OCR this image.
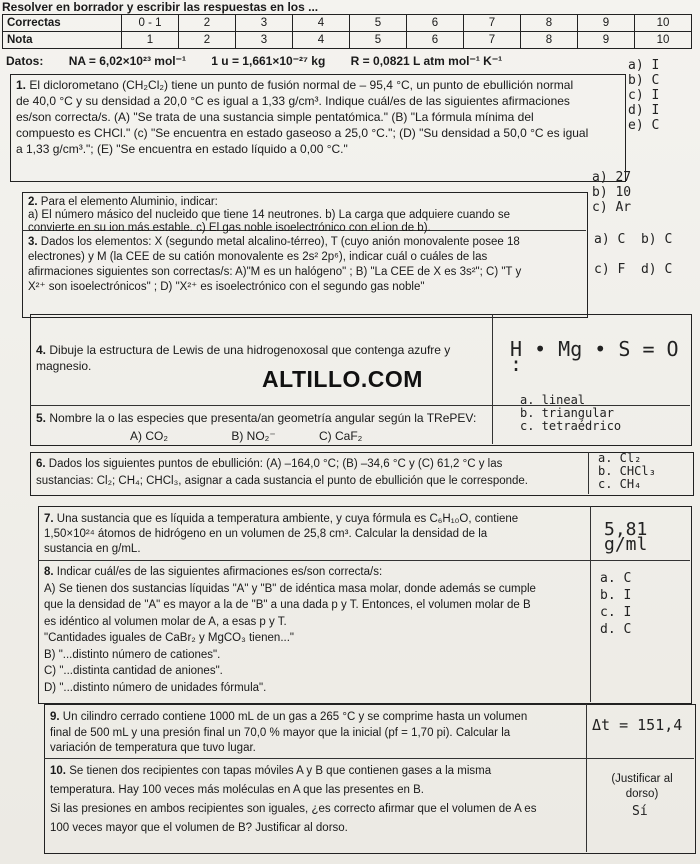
Resolver en borrador y escribir las respuestas en los ...
Correctas	0 - 1	2	3	4	5	6	7	8	9	10
Nota	1	2	3	4	5	6	7	8	9	10
Datos: NA = 6,02×10²³ mol⁻¹ 1 u = 1,661×10⁻²⁷ kg R = 0,0821 L atm mol⁻¹ K⁻¹
1. El diclorometano (CH₂Cl₂) tiene un punto de fusión normal de – 95,4 °C, un punto de ebullición normal
de 40,0 °C y su densidad a 20,0 °C es igual a 1,33 g/cm³. Indique cuál/es de las siguientes afirmaciones
es/son correcta/s. (A) "Se trata de una sustancia simple pentatómica." (B) "La fórmula mínima del
compuesto es CHCl." (c) "Se encuentra en estado gaseoso a 25,0 °C."; (D) "Su densidad a 50,0 °C es igual
a 1,33 g/cm³."; (E) "Se encuentra en estado líquido a 0,00 °C."
a) I
b) C
c) I
d) I
e) C
2. Para el elemento Aluminio, indicar:
a) El número másico del nucleido que tiene 14 neutrones. b) La carga que adquiere cuando se
convierte en su ion más estable. c) El gas noble isoelectrónico con el ion de b).
a) 27
b) 10
c) Ar
3. Dados los elementos: X (segundo metal alcalino-térreo), T (cuyo anión monovalente posee 18
electrones) y M (la CEE de su catión monovalente es 2s² 2p⁶), indicar cuál o cuáles de las
afirmaciones siguientes son correctas/s: A)"M es un halógeno" ; B) "La CEE de X es 3s²"; C) "T y
X²⁺ son isoelectrónicos" ; D) "X²⁺ es isoelectrónico con el segundo gas noble"
a) C b) C

c) F d) C
4. Dibuje la estructura de Lewis de una hidrogenoxosal que contenga azufre y
magnesio.
H • Mg • S = O :
ALTILLO.COM
5. Nombre la o las especies que presenta/an geometría angular según la TRePEV:
A) CO₂	B) NO₂⁻	C) CaF₂
a. lineal
b. triangular
c. tetraédrico
6. Dados los siguientes puntos de ebullición: (A) –164,0 °C; (B) –34,6 °C y (C) 61,2 °C y las
sustancias: Cl₂; CH₄; CHCl₃, asignar a cada sustancia el punto de ebullición que le corresponde.
a. Cl₂
b. CHCl₃
c. CH₄
7. Una sustancia que es líquida a temperatura ambiente, y cuya fórmula es C₆H₁₀O, contiene
1,50×10²⁴ átomos de hidrógeno en un volumen de 25,8 cm³. Calcular la densidad de la
sustancia en g/mL.
5,81 g/ml
8. Indicar cuál/es de las siguientes afirmaciones es/son correcta/s:
A) Se tienen dos sustancias líquidas "A" y "B" de idéntica masa molar, donde además se cumple
que la densidad de "A" es mayor a la de "B" a una dada p y T. Entonces, el volumen molar de B
es idéntico al volumen molar de A, a esas p y T.
"Cantidades iguales de CaBr₂ y MgCO₃ tienen..."
B) "...distinto número de cationes".
C) "...distinta cantidad de aniones".
D) "...distinto número de unidades fórmula".
a. C
b. I
c. I
d. C
9. Un cilindro cerrado contiene 1000 mL de un gas a 265 °C y se comprime hasta un volumen
final de 500 mL y una presión final un 70,0 % mayor que la inicial (pf = 1,70 pi). Calcular la
variación de temperatura que tuvo lugar.
Δt = 151,4
10. Se tienen dos recipientes con tapas móviles A y B que contienen gases a la misma
temperatura. Hay 100 veces más moléculas en A que las presentes en B.
Si las presiones en ambos recipientes son iguales, ¿es correcto afirmar que el volumen de A es
100 veces mayor que el volumen de B? Justificar al dorso.
(Justificar al
dorso)
Sí
